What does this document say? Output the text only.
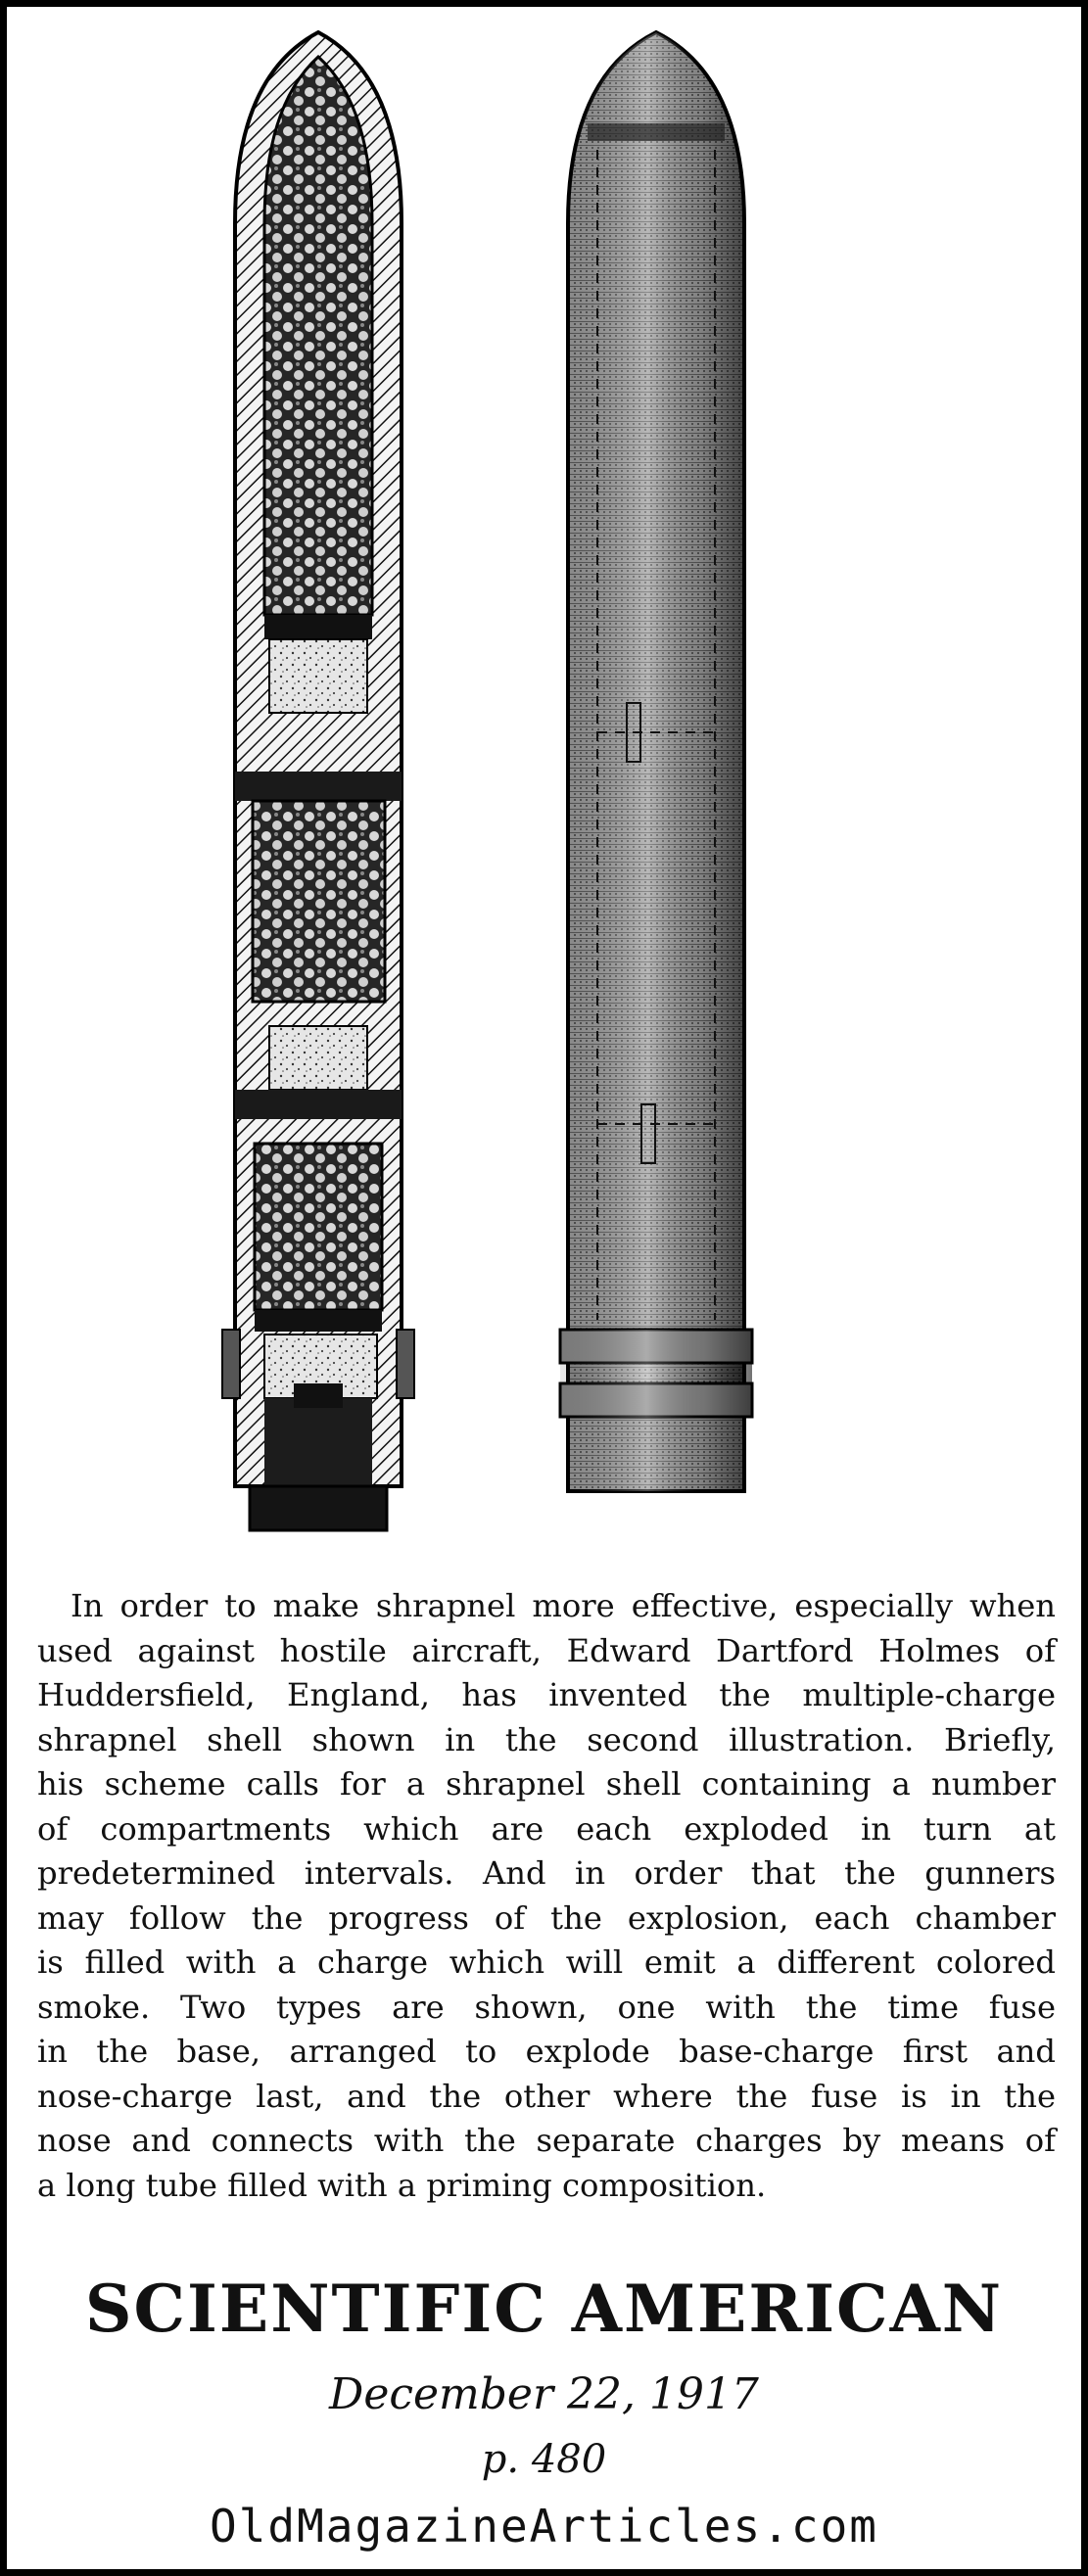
In order to make shrapnel more effective, especially when
used against hostile aircraft, Edward Dartford Holmes of
Huddersfield, England, has invented the multiple-charge
shrapnel shell shown in the second illustration. Briefly,
his scheme calls for a shrapnel shell containing a number
of compartments which are each exploded in turn at
predetermined intervals. And in order that the gunners
may follow the progress of the explosion, each chamber
is filled with a charge which will emit a different colored
smoke. Two types are shown, one with the time fuse
in the base, arranged to explode base-charge first and
nose-charge last, and the other where the fuse is in the
nose and connects with the separate charges by means of
a long tube filled with a priming composition.
SCIENTIFIC AMERICAN
December 22, 1917
p. 480
OldMagazineArticles.com
